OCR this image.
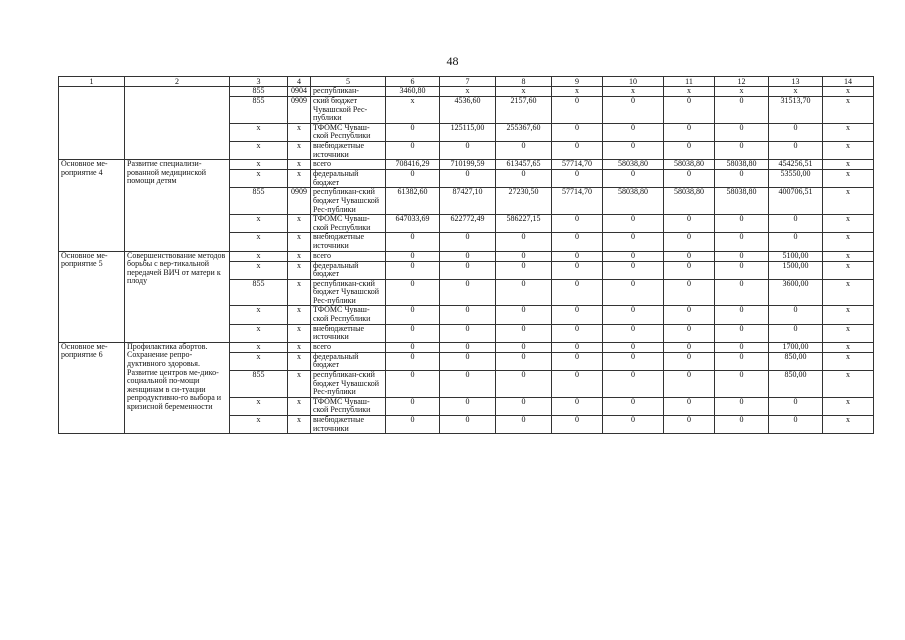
48
1	2	3	4	5	6	7	8	9	10	11	12	13	14
		855	0904	республикан-	3460,80	x	x	x	x	x	x	x	x
		855	0909	ский бюджет Чувашской Рес-публики	x	4536,60	2157,60	0	0	0	0	31513,70	x
		x	x	ТФОМС Чуваш-ской Республики	0	125115,00	255367,60	0	0	0	0	0	x
		x	x	внебюджетные источники	0	0	0	0	0	0	0	0	x
Основное ме-роприятие 4	Развитие специализи-рованной медицинской помощи детям	x	x	всего	708416,29	710199,59	613457,65	57714,70	58038,80	58038,80	58038,80	454256,51	x
		x	x	федеральный бюджет	0	0	0	0	0	0	0	53550,00	x
		855	0909	республикан-ский бюджет Чувашской Рес-публики	61382,60	87427,10	27230,50	57714,70	58038,80	58038,80	58038,80	400706,51	x
		x	x	ТФОМС Чуваш-ской Республики	647033,69	622772,49	586227,15	0	0	0	0	0	x
		x	x	внебюджетные источники	0	0	0	0	0	0	0	0	x
Основное ме-роприятие 5	Совершенствование методов борьбы с вер-тикальной передачей ВИЧ от матери к плоду	x	x	всего	0	0	0	0	0	0	0	5100,00	x
		x	x	федеральный бюджет	0	0	0	0	0	0	0	1500,00	x
		855	x	республикан-ский бюджет Чувашской Рес-публики	0	0	0	0	0	0	0	3600,00	x
		x	x	ТФОМС Чуваш-ской Республики	0	0	0	0	0	0	0	0	x
		x	x	внебюджетные источники	0	0	0	0	0	0	0	0	x
Основное ме-роприятие 6	Профилактика абортов. Сохранение репро-дуктивного здоровья. Развитие центров ме-дико-социальной по-мощи женщинам в си-туации репродуктивно-го выбора и кризисной беременности	x	x	всего	0	0	0	0	0	0	0	1700,00	x
		x	x	федеральный бюджет	0	0	0	0	0	0	0	850,00	x
		855	x	республикан-ский бюджет Чувашской Рес-публики	0	0	0	0	0	0	0	850,00	x
		x	x	ТФОМС Чуваш-ской Республики	0	0	0	0	0	0	0	0	x
		x	x	внебюджетные источники	0	0	0	0	0	0	0	0	x
